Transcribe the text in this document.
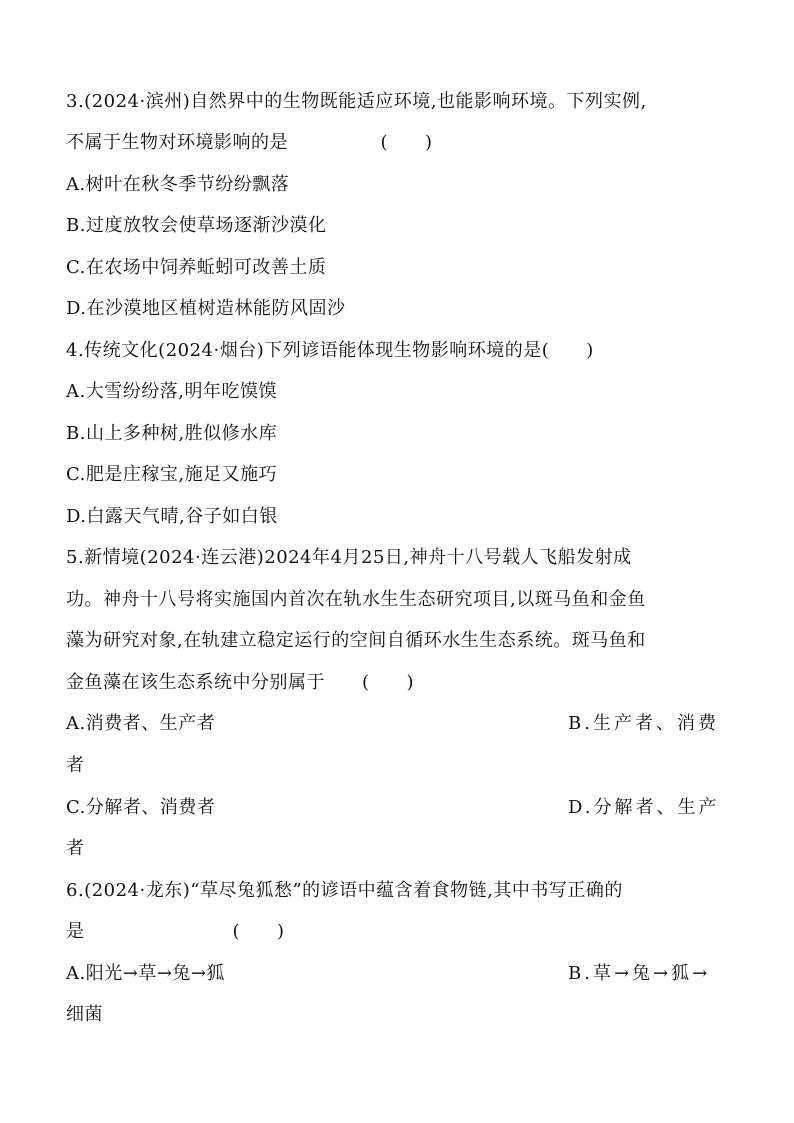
3.(2024·滨州)自然界中的生物既能适应环境,也能影响环境。下列实例,
不属于生物对环境影响的是　　　　　(　　)
A.树叶在秋冬季节纷纷飘落
B.过度放牧会使草场逐渐沙漠化
C.在农场中饲养蚯蚓可改善土质
D.在沙漠地区植树造林能防风固沙
4.传统文化(2024·烟台)下列谚语能体现生物影响环境的是(　　)
A.大雪纷纷落,明年吃馍馍
B.山上多种树,胜似修水库
C.肥是庄稼宝,施足又施巧
D.白露天气晴,谷子如白银
5.新情境(2024·连云港)2024年4月25日,神舟十八号载人飞船发射成
功。神舟十八号将实施国内首次在轨水生生态研究项目,以斑马鱼和金鱼
藻为研究对象,在轨建立稳定运行的空间自循环水生生态系统。斑马鱼和
金鱼藻在该生态系统中分别属于　　(　　)
A.消费者、生产者	B.生产者、消费
者
C.分解者、消费者	D.分解者、生产
者
6.(2024·龙东)“草尽兔狐愁”的谚语中蕴含着食物链,其中书写正确的
是　　　　　　　　(　　)
A.阳光→草→兔→狐	B.草→兔→狐→
细菌
